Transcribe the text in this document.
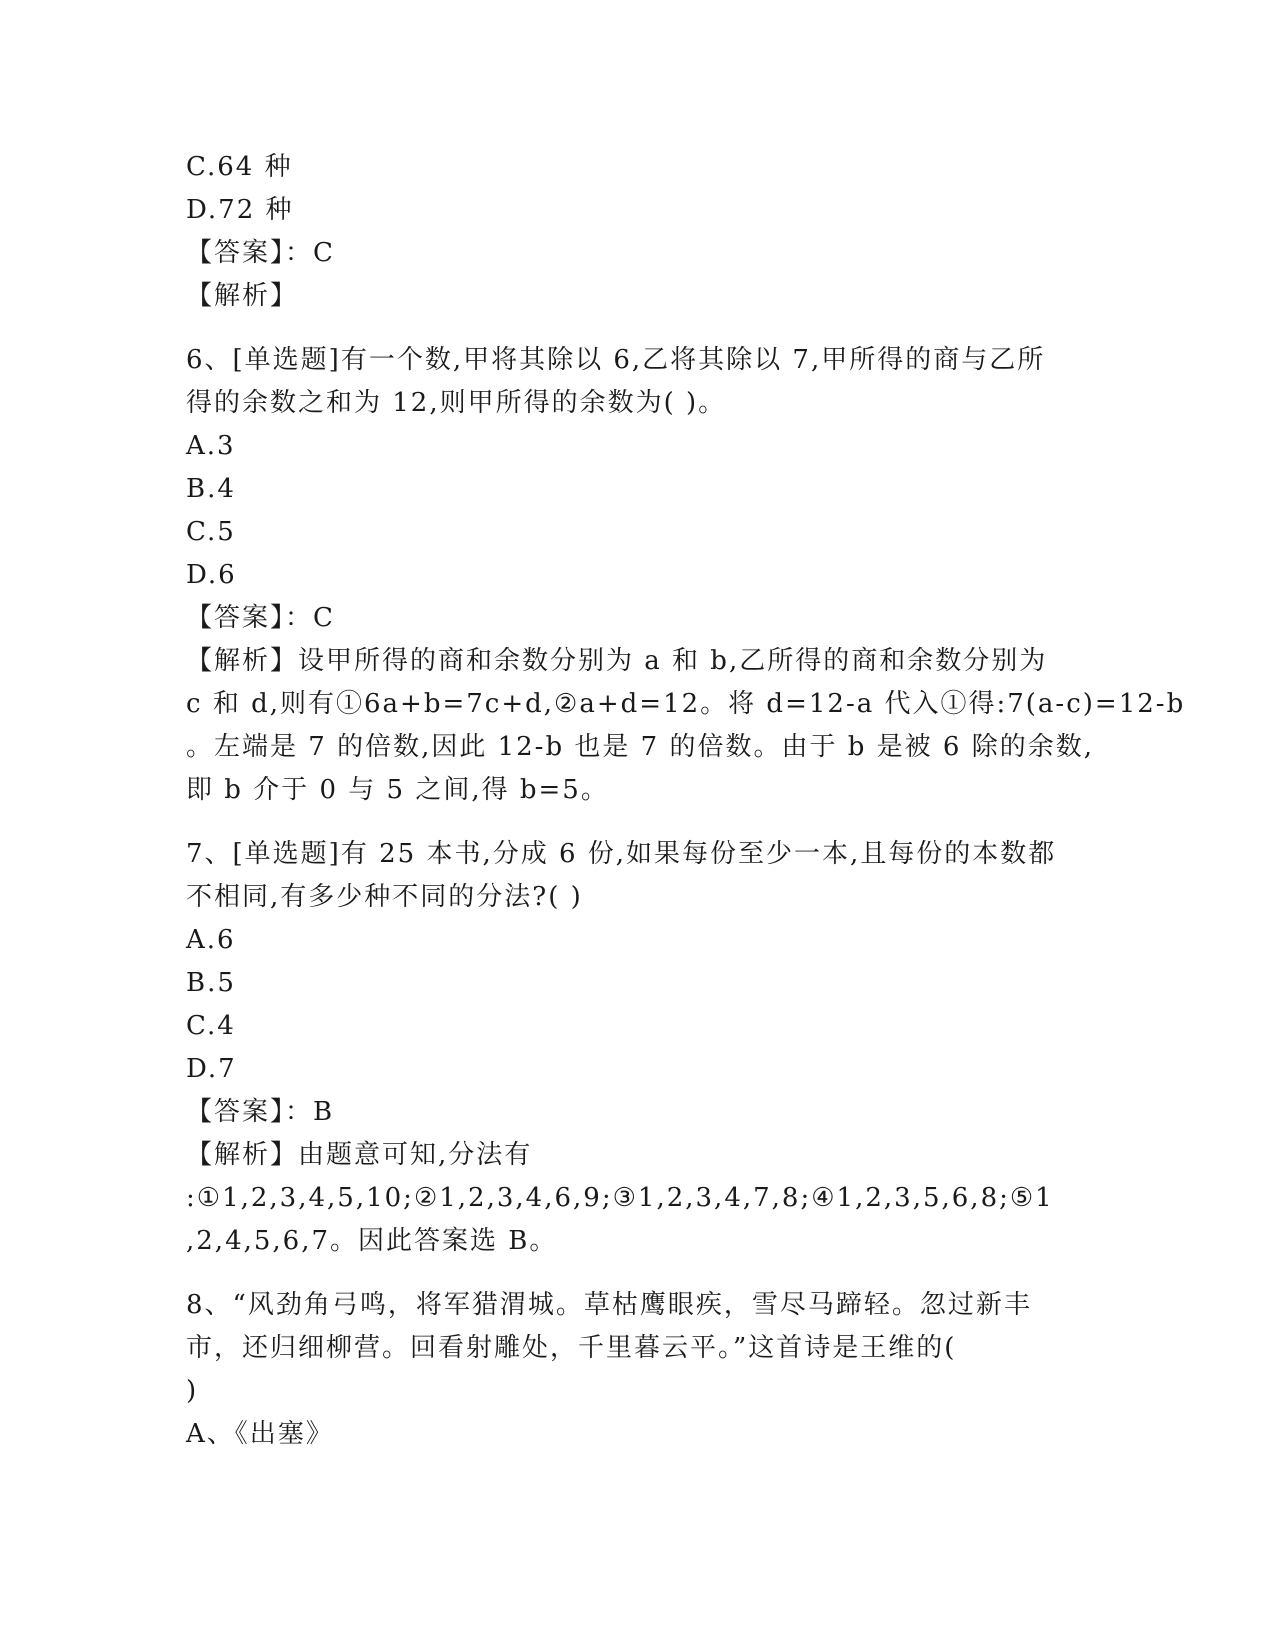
C.64 种
D.72 种
【答案】：C
【解析】
6、[单选题]有一个数,甲将其除以 6,乙将其除以 7,甲所得的商与乙所
得的余数之和为 12,则甲所得的余数为( )。
A.3
B.4
C.5
D.6
【答案】：C
【解析】设甲所得的商和余数分别为 a 和 b,乙所得的商和余数分别为
c 和 d,则有①6a+b=7c+d,②a+d=12。将 d=12-a 代入①得:7(a-c)=12-b
。左端是 7 的倍数,因此 12-b 也是 7 的倍数。由于 b 是被 6 除的余数,
即 b 介于 0 与 5 之间,得 b=5。
7、[单选题]有 25 本书,分成 6 份,如果每份至少一本,且每份的本数都
不相同,有多少种不同的分法?( )
A.6
B.5
C.4
D.7
【答案】：B
【解析】由题意可知,分法有
:①1,2,3,4,5,10;②1,2,3,4,6,9;③1,2,3,4,7,8;④1,2,3,5,6,8;⑤1
,2,4,5,6,7。因此答案选 B。
8、“风劲角弓鸣，将军猎渭城。草枯鹰眼疾，雪尽马蹄轻。忽过新丰
市，还归细柳营。回看射雕处，千里暮云平。”这首诗是王维的(
)
A、《出塞》
